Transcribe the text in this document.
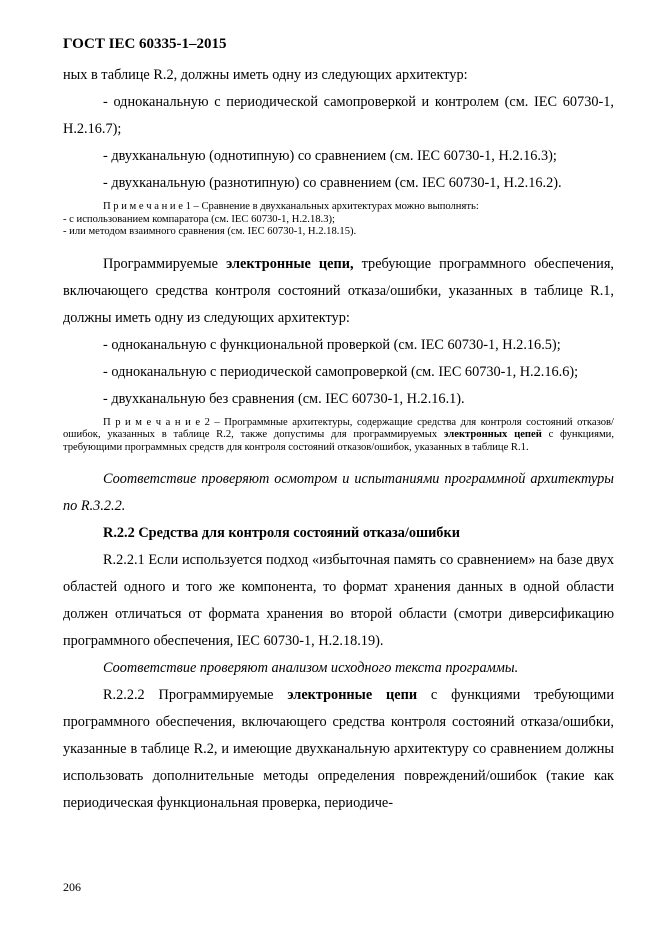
ГОСТ IEC 60335-1–2015

ных в таблице R.2, должны иметь одну из следующих архитектур:

- одноканальную с периодической самопроверкой и контролем (см. IEC 60730-1, H.2.16.7);

- двухканальную (однотипную) со сравнением (см. IEC 60730-1, H.2.16.3);

- двухканальную (разнотипную) со сравнением (см. IEC 60730-1, H.2.16.2).

П р и м е ч а н и е 1 – Сравнение в двухканальных архитектурах можно выполнять:

- с использованием компаратора (см. IEC 60730-1, H.2.18.3);

- или методом взаимного сравнения (см. IEC 60730-1, H.2.18.15).

Программируемые электронные цепи, требующие программного обеспечения, включающего средства контроля состояний отказа/ошибки, указанных в таблице R.1, должны иметь одну из следующих архитектур:

- одноканальную с функциональной проверкой (см. IEC 60730-1, H.2.16.5);

- одноканальную с периодической самопроверкой (см. IEC 60730-1, H.2.16.6);

- двухканальную без сравнения (см. IEC 60730-1, H.2.16.1).

П р и м е ч а н и е 2 – Программные архитектуры, содержащие средства для контроля состояний отказов/ошибок, указанных в таблице R.2, также допустимы для программируемых электронных цепей с функциями, требующими программных средств для контроля состояний отказов/ошибок, указанных в таблице R.1.

Соответствие проверяют осмотром и испытаниями программной архитектуры по R.3.2.2.

R.2.2 Средства для контроля состояний отказа/ошибки

R.2.2.1 Если используется подход «избыточная память со сравнением» на базе двух областей одного и того же компонента, то формат хранения данных в одной области должен отличаться от формата хранения во второй области (смотри диверсификацию программного обеспечения, IEC 60730-1, H.2.18.19).

Соответствие проверяют анализом исходного текста программы.

R.2.2.2 Программируемые электронные цепи с функциями требующими программного обеспечения, включающего средства контроля состояний отказа/ошибки, указанные в таблице R.2, и имеющие двухканальную архитектуру со сравнением должны использовать дополнительные методы определения повреждений/ошибок (такие как периодическая функциональная проверка, периодиче-

206
